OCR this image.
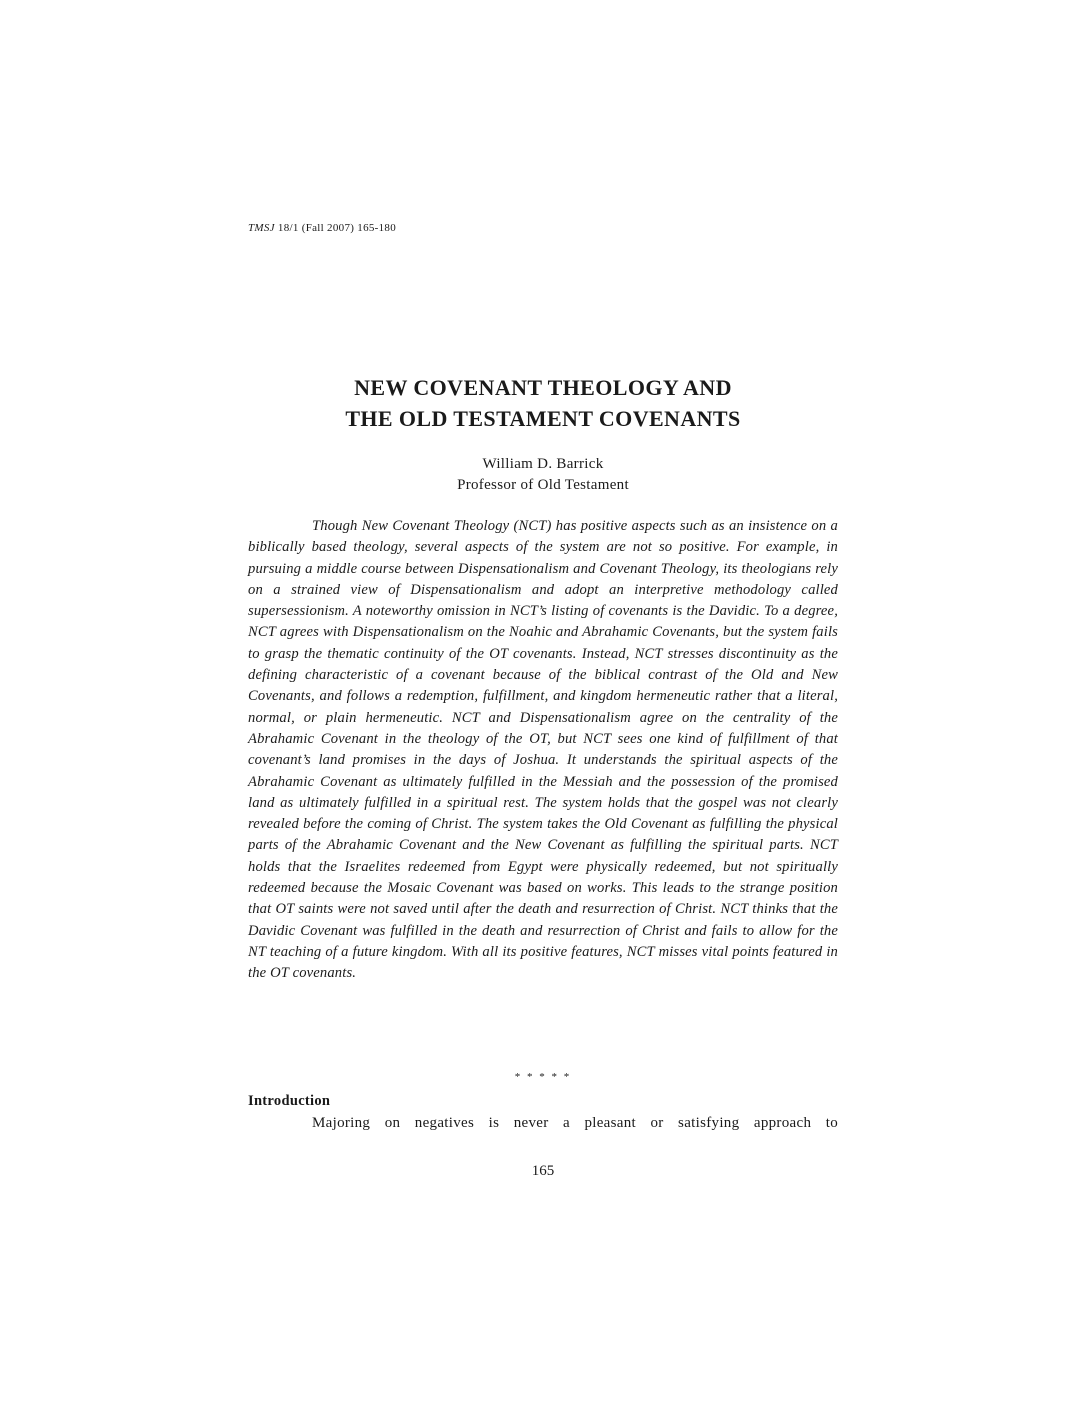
TMSJ 18/1 (Fall 2007) 165-180
NEW COVENANT THEOLOGY AND
THE OLD TESTAMENT COVENANTS
William D. Barrick
Professor of Old Testament

Though New Covenant Theology (NCT) has positive aspects such as an insistence on a biblically based theology, several aspects of the system are not so positive. For example, in pursuing a middle course between Dispensationalism and Covenant Theology, its theologians rely on a strained view of Dispensationalism and adopt an interpretive methodology called supersessionism. A noteworthy omission in NCT’s listing of covenants is the Davidic. To a degree, NCT agrees with Dispensationalism on the Noahic and Abrahamic Covenants, but the system fails to grasp the thematic continuity of the OT covenants. Instead, NCT stresses discontinuity as the defining characteristic of a covenant because of the biblical contrast of the Old and New Covenants, and follows a redemption, fulfillment, and kingdom hermeneutic rather that a literal, normal, or plain hermeneutic. NCT and Dispensationalism agree on the centrality of the Abrahamic Covenant in the theology of the OT, but NCT sees one kind of fulfillment of that covenant’s land promises in the days of Joshua. It understands the spiritual aspects of the Abrahamic Covenant as ultimately fulfilled in the Messiah and the possession of the promised land as ultimately fulfilled in a spiritual rest. The system holds that the gospel was not clearly revealed before the coming of Christ. The system takes the Old Covenant as fulfilling the physical parts of the Abrahamic Covenant and the New Covenant as fulfilling the spiritual parts. NCT holds that the Israelites redeemed from Egypt were physically redeemed, but not spiritually redeemed because the Mosaic Covenant was based on works. This leads to the strange position that OT saints were not saved until after the death and resurrection of Christ. NCT thinks that the Davidic Covenant was fulfilled in the death and resurrection of Christ and fails to allow for the NT teaching of a future kingdom. With all its positive features, NCT misses vital points featured in the OT covenants.

* * * * *
Introduction

Majoring on negatives is never a pleasant or satisfying approach to

165
